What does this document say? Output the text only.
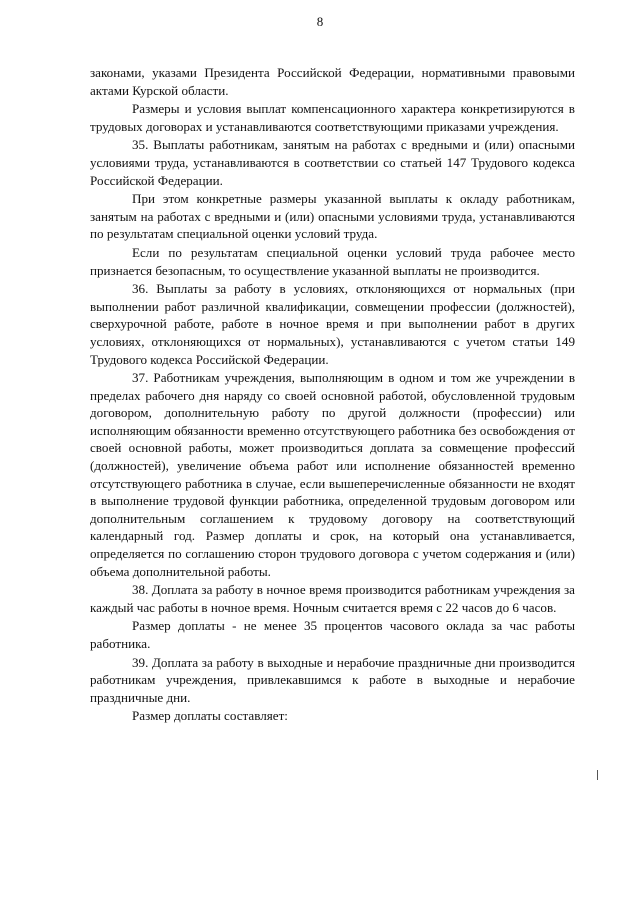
8

законами, указами Президента Российской Федерации, нормативными правовыми актами Курской области.

Размеры и условия выплат компенсационного характера конкретизируются в трудовых договорах и устанавливаются соответствующими приказами учреждения.

35. Выплаты работникам, занятым на работах с вредными и (или) опасными условиями труда, устанавливаются в соответствии со статьей 147 Трудового кодекса Российской Федерации.

При этом конкретные размеры указанной выплаты к окладу работникам, занятым на работах с вредными и (или) опасными условиями труда, устанавливаются по результатам специальной оценки условий труда.

Если по результатам специальной оценки условий труда рабочее место признается безопасным, то осуществление указанной выплаты не производится.

36. Выплаты за работу в условиях, отклоняющихся от нормальных (при выполнении работ различной квалификации, совмещении профессии (должностей), сверхурочной работе, работе в ночное время и при выполнении работ в других условиях, отклоняющихся от нормальных), устанавливаются с учетом статьи 149 Трудового кодекса Российской Федерации.

37. Работникам учреждения, выполняющим в одном и том же учреждении в пределах рабочего дня наряду со своей основной работой, обусловленной трудовым договором, дополнительную работу по другой должности (профессии) или исполняющим обязанности временно отсутствующего работника без освобождения от своей основной работы, может производиться доплата за совмещение профессий (должностей), увеличение объема работ или исполнение обязанностей временно отсутствующего работника в случае, если вышеперечисленные обязанности не входят в выполнение трудовой функции работника, определенной трудовым договором или дополнительным соглашением к трудовому договору на соответствующий календарный год. Размер доплаты и срок, на который она устанавливается, определяется по соглашению сторон трудового договора с учетом содержания и (или) объема дополнительной работы.

38. Доплата за работу в ночное время производится работникам учреждения за каждый час работы в ночное время. Ночным считается время с 22 часов до 6 часов.

Размер доплаты - не менее 35 процентов часового оклада за час работы работника.

39. Доплата за работу в выходные и нерабочие праздничные дни производится работникам учреждения, привлекавшимся к работе в выходные и нерабочие праздничные дни.

Размер доплаты составляет:
